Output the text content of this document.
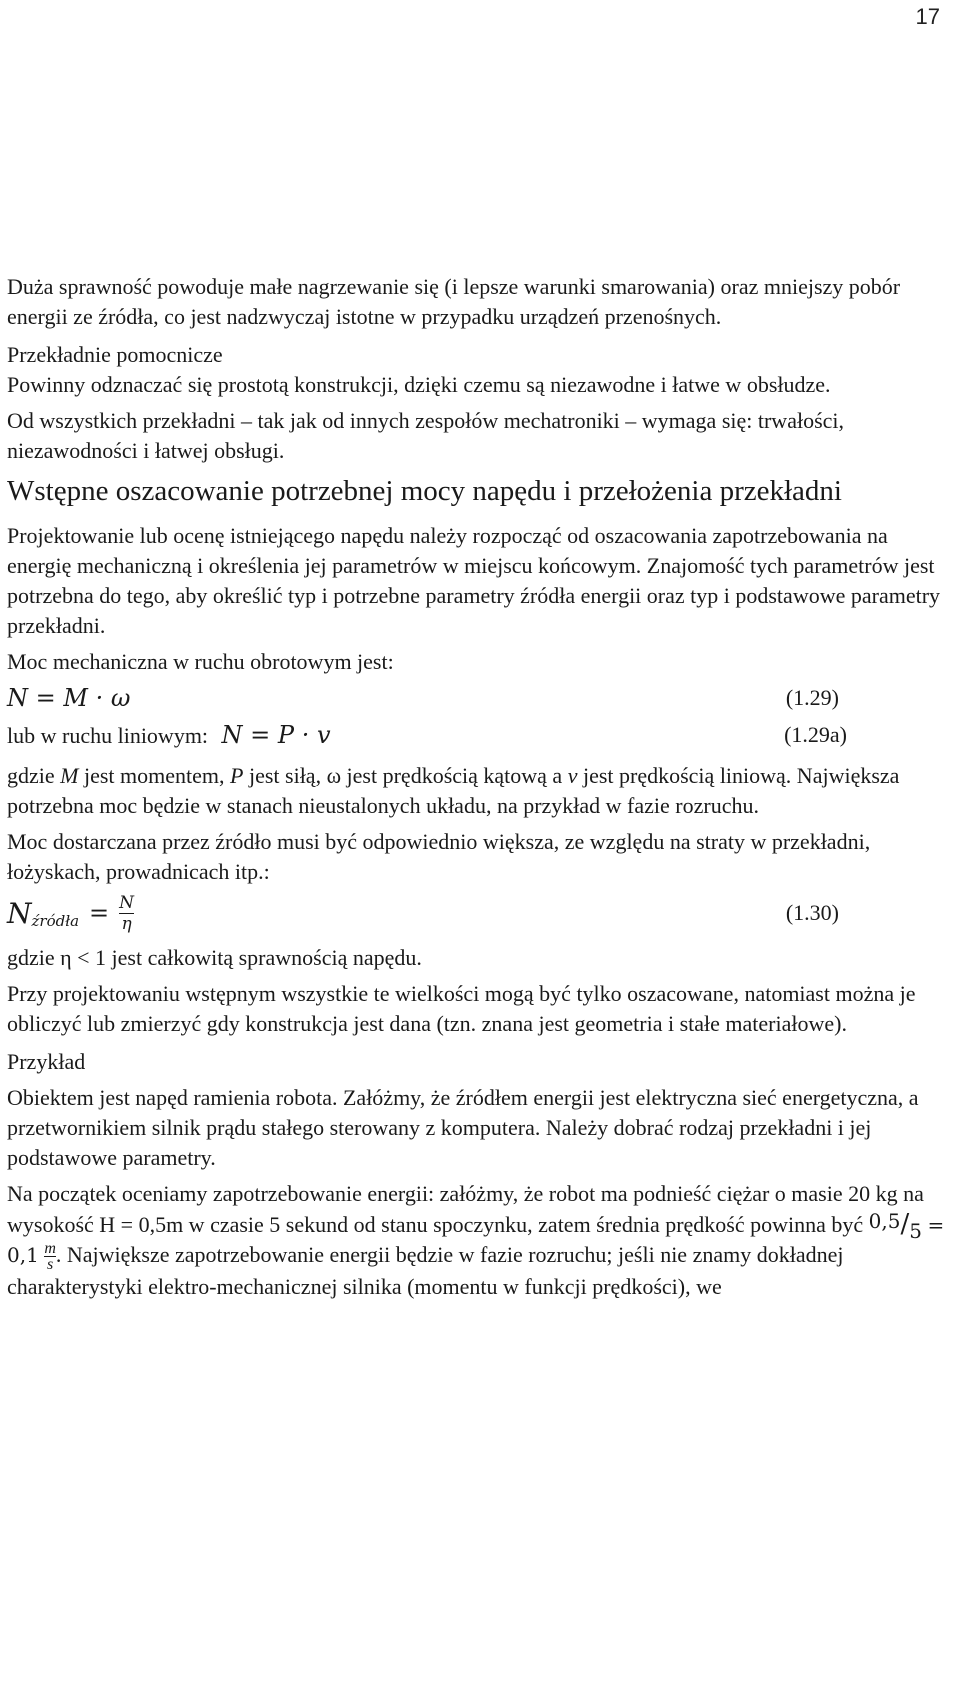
17

Duża sprawność powoduje małe nagrzewanie się (i lepsze warunki smarowania) oraz mniejszy pobór energii ze źródła, co jest nadzwyczaj istotne w przypadku urządzeń przenośnych.

Przekładnie pomocnicze

Powinny odznaczać się prostotą konstrukcji, dzięki czemu są niezawodne i łatwe w obsłudze.

Od wszystkich przekładni – tak jak od innych zespołów mechatroniki – wymaga się: trwałości, niezawodności i łatwej obsługi.

Wstępne oszacowanie potrzebnej mocy napędu i przełożenia przekładni

Projektowanie lub ocenę istniejącego napędu należy rozpocząć od oszacowania zapotrzebowania na energię mechaniczną i określenia jej parametrów w miejscu końcowym. Znajomość tych parametrów jest potrzebna do tego, aby określić typ i potrzebne parametry źródła energii oraz typ i podstawowe parametry przekładni.

Moc mechaniczna w ruchu obrotowym jest:

N = M · ω	(1.29)
lub w ruchu liniowym: N = P · v	(1.29a)

gdzie M jest momentem, P jest siłą, ω jest prędkością kątową a v jest prędkością liniową. Największa potrzebna moc będzie w stanach nieustalonych układu, na przykład w fazie rozruchu.

Moc dostarczana przez źródło musi być odpowiednio większa, ze względu na straty w przekładni, łożyskach, prowadnicach itp.:

N źródła = $\frac{N}{\eta}$	(1.30)

gdzie η < 1 jest całkowitą sprawnością napędu.

Przy projektowaniu wstępnym wszystkie te wielkości mogą być tylko oszacowane, natomiast można je obliczyć lub zmierzyć gdy konstrukcja jest dana (tzn. znana jest geometria i stałe materiałowe).

Przykład

Obiektem jest napęd ramienia robota. Załóżmy, że źródłem energii jest elektryczna sieć energetyczna, a przetwornikiem silnik prądu stałego sterowany z komputera. Należy dobrać rodzaj przekładni i jej podstawowe parametry.

Na początek oceniamy zapotrzebowanie energii: załóżmy, że robot ma podnieść ciężar o masie 20 kg na wysokość H = 0,5m w czasie 5 sekund od stanu spoczynku, zatem średnia prędkość powinna być $0,5/5 = 0,1 \frac{m}{s}$ . Największe zapotrzebowanie energii będzie w fazie rozruchu; jeśli nie znamy dokładnej charakterystyki elektro-mechanicznej silnika (momentu w funkcji prędkości), we
